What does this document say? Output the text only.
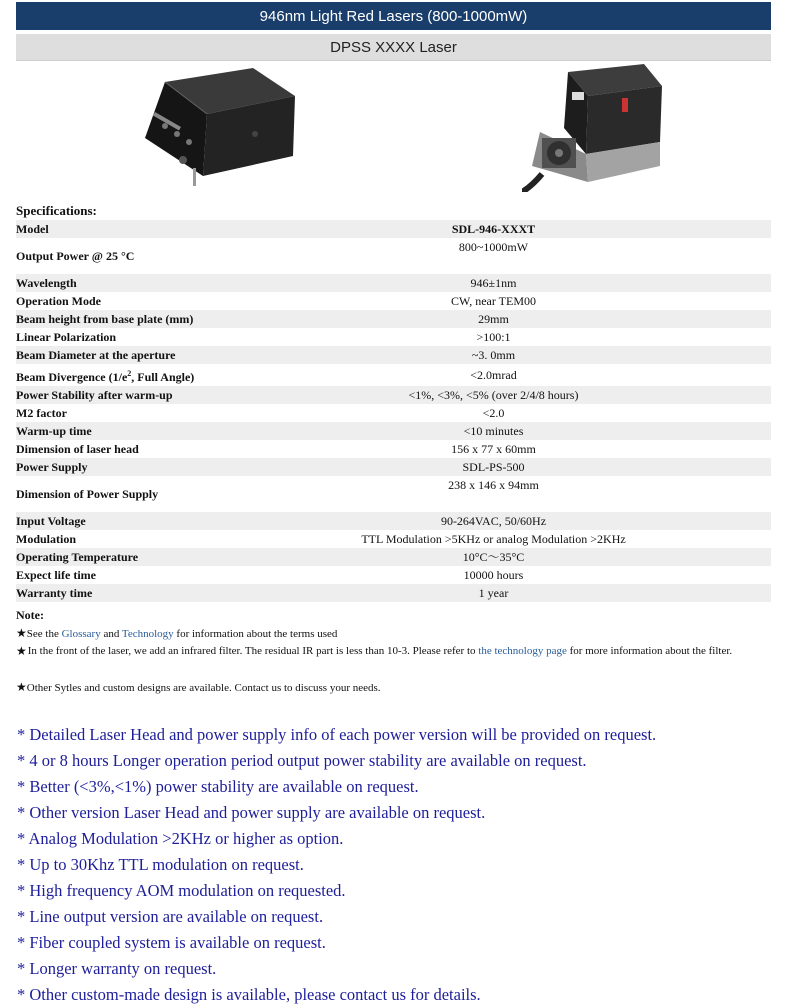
946nm Light Red Lasers (800-1000mW)
DPSS XXXX Laser
Specifications:
Model	SDL-946-XXXT
Output Power @ 25 °C	800~1000mW
Wavelength	946±1nm
Operation Mode	CW, near TEM00
Beam height from base plate (mm)	29mm
Linear Polarization	>100:1
Beam Diameter at the aperture	~3. 0mm
Beam Divergence ($1/e^2$, Full Angle)	<2.0mrad
Power Stability after warm-up	<1%, <3%, <5% (over 2/4/8 hours)
M2 factor	<2.0
Warm-up time	<10 minutes
Dimension of laser head	156 x 77 x 60mm
Power Supply	SDL-PS-500
Dimension of Power Supply	238 x 146 x 94mm
Input Voltage	90-264VAC, 50/60Hz
Modulation	TTL Modulation >5KHz or analog Modulation >2KHz
Operating Temperature	10°C～35°C
Expect life time	10000 hours
Warranty time	1 year
Note:
★See the Glossary and Technology for information about the terms used
★ In the front of the laser, we add an infrared filter. The residual IR part is less than 10-3. Please refer to the technology page for more information about the filter.
★Other Sytles and custom designs are available. Contact us to discuss your needs.
* Detailed Laser Head and power supply info of each power version will be provided on request.
* 4 or 8 hours Longer operation period output power stability are available on request.
* Better (<3%,<1%) power stability are available on request.
* Other version Laser Head and power supply are available on request.
* Analog Modulation >2KHz or higher as option.
* Up to 30Khz TTL modulation on request.
* High frequency AOM modulation on requested.
* Line output version are available on request.
* Fiber coupled system is available on request.
* Longer warranty on request.
* Other custom-made design is available, please contact us for details.
